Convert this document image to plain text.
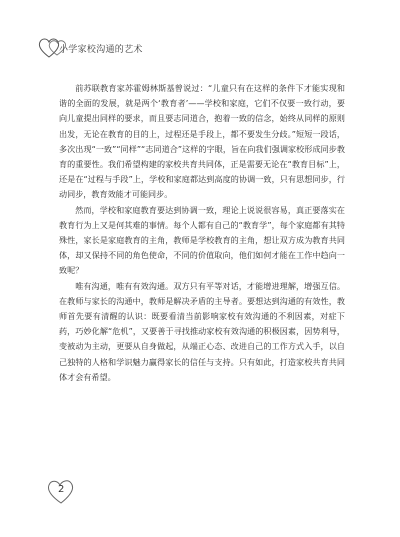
小学家校沟通的艺术

前苏联教育家苏霍姆林斯基曾说过：“儿童只有在这样的条件下才能实现和谐的全面的发展，就是两个‘教育者’——学校和家庭，它们不仅要一致行动，要向儿童提出同样的要求，而且要志同道合，抱着一致的信念，始终从同样的原则出发，无论在教育的目的上，过程还是手段上，都不要发生分歧。”短短一段话，多次出现“一致”“同样”“志同道合”这样的字眼，旨在向我们强调家校形成同步教育的重要性。我们希望构建的家校共育共同体，正是需要无论在“教育目标”上，还是在“过程与手段”上，学校和家庭都达到高度的协调一致，只有思想同步，行动同步，教育效能才可能同步。

然而，学校和家庭教育要达到协调一致，理论上说说很容易，真正要落实在教育行为上又是何其难的事情。每个人都有自己的“教育学”，每个家庭都有其特殊性，家长是家庭教育的主角，教师是学校教育的主角，想让双方成为教育共同体，却又保持不同的角色使命，不同的价值取向，他们如何才能在工作中趋向一致呢？

唯有沟通，唯有有效沟通。双方只有平等对话，才能增进理解，增强互信。在教师与家长的沟通中，教师是解决矛盾的主导者。要想达到沟通的有效性，教师首先要有清醒的认识：既要看清当前影响家校有效沟通的不利因素，对症下药，巧妙化解“危机”，又要善于寻找推动家校有效沟通的积极因素，因势利导，变被动为主动，更要从自身做起，从端正心态、改进自己的工作方式入手，以自己独特的人格和学识魅力赢得家长的信任与支持。只有如此，打造家校共育共同体才会有希望。

2
